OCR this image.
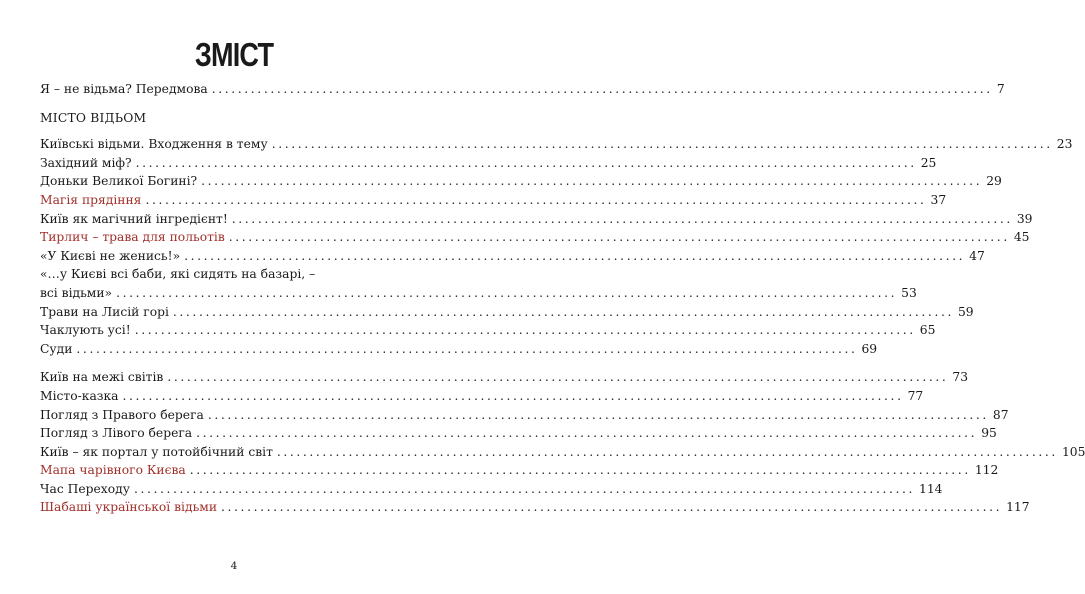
ЗМІСТ
Я – не відьма? Передмова ........................................................................................................................ 7
МІСТО ВІДЬОМ
Київські відьми. Входження в тему ........................................................................................................................ 23
Західний міф? ........................................................................................................................ 25
Доньки Великої Богині? ........................................................................................................................ 29
Магія прядіння ........................................................................................................................ 37
Київ як магічний інгредієнт! ........................................................................................................................ 39
Тирлич – трава для польотів ........................................................................................................................ 45
«У Києві не женись!» ........................................................................................................................ 47
«…у Києві всі баби, які сидять на базарі, –
всі відьми» ........................................................................................................................ 53
Трави на Лисій горі ........................................................................................................................ 59
Чаклують усі! ........................................................................................................................ 65
Суди ........................................................................................................................ 69
Київ на межі світів ........................................................................................................................ 73
Місто-казка ........................................................................................................................ 77
Погляд з Правого берега ........................................................................................................................ 87
Погляд з Лівого берега ........................................................................................................................ 95
Київ – як портал у потойбічний світ ........................................................................................................................ 105
Мапа чарівного Києва ........................................................................................................................ 112
Час Переходу ........................................................................................................................ 114
Шабаші української відьми ........................................................................................................................ 117
4
